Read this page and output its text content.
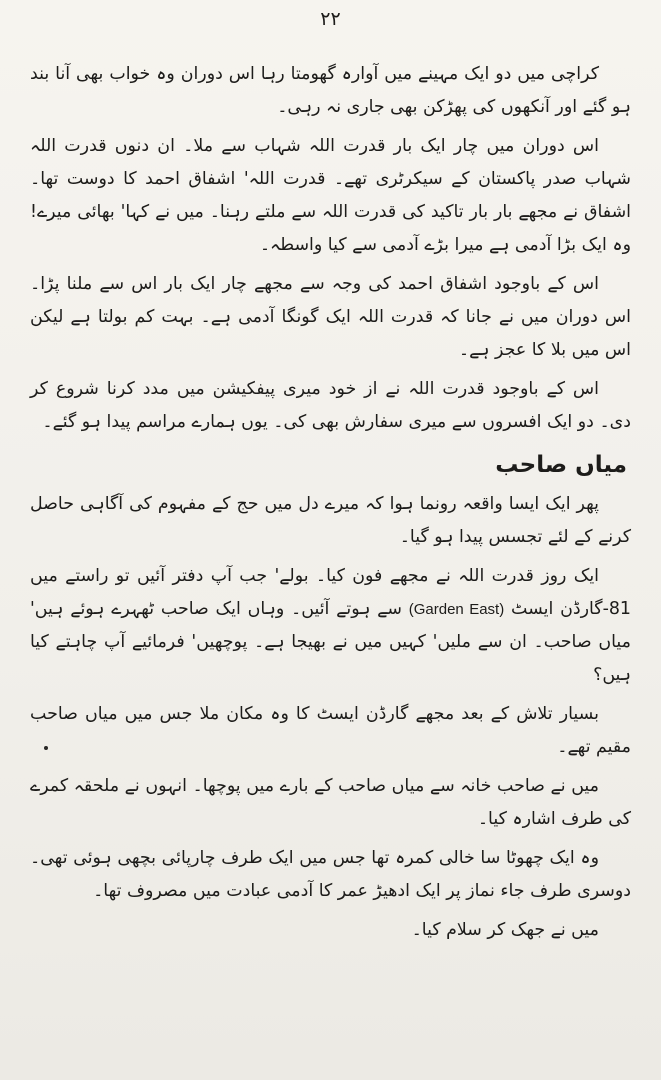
۲۲

کراچی میں دو ایک مہینے میں آوارہ گھومتا رہا اس دوران وہ خواب بھی آنا بند ہو گئے اور آنکھوں کی پھڑکن بھی جاری نہ رہی۔

اس دوران میں چار ایک بار قدرت اللہ شہاب سے ملا۔ ان دنوں قدرت اللہ شہاب صدر پاکستان کے سیکرٹری تھے۔ قدرت اللہ' اشفاق احمد کا دوست تھا۔ اشفاق نے مجھے بار بار تاکید کی قدرت اللہ سے ملتے رہنا۔ میں نے کہا' بھائی میرے! وہ ایک بڑا آدمی ہے میرا بڑے آدمی سے کیا واسطہ۔

اس کے باوجود اشفاق احمد کی وجہ سے مجھے چار ایک بار اس سے ملنا پڑا۔ اس دوران میں نے جانا کہ قدرت اللہ ایک گونگا آدمی ہے۔ بہت کم بولتا ہے لیکن اس میں بلا کا عجز ہے۔

اس کے باوجود قدرت اللہ نے از خود میری پیفکیشن میں مدد کرنا شروع کر دی۔ دو ایک افسروں سے میری سفارش بھی کی۔ یوں ہمارے مراسم پیدا ہو گئے۔

میاں صاحب

پھر ایک ایسا واقعہ رونما ہوا کہ میرے دل میں حج کے مفہوم کی آگاہی حاصل کرنے کے لئے تجسس پیدا ہو گیا۔

ایک روز قدرت اللہ نے مجھے فون کیا۔ بولے' جب آپ دفتر آئیں تو راستے میں 81-گارڈن ایسٹ (Garden East) سے ہوتے آئیں۔ وہاں ایک صاحب ٹھہرے ہوئے ہیں' میاں صاحب۔ ان سے ملیں' کہیں میں نے بھیجا ہے۔ پوچھیں' فرمائیے آپ چاہتے کیا ہیں؟

بسیار تلاش کے بعد مجھے گارڈن ایسٹ کا وہ مکان ملا جس میں میاں صاحب مقیم تھے۔

میں نے صاحب خانہ سے میاں صاحب کے بارے میں پوچھا۔ انہوں نے ملحقہ کمرے کی طرف اشارہ کیا۔

وہ ایک چھوٹا سا خالی کمرہ تھا جس میں ایک طرف چارپائی بچھی ہوئی تھی۔ دوسری طرف جاء نماز پر ایک ادھیڑ عمر کا آدمی عبادت میں مصروف تھا۔

میں نے جھک کر سلام کیا۔
